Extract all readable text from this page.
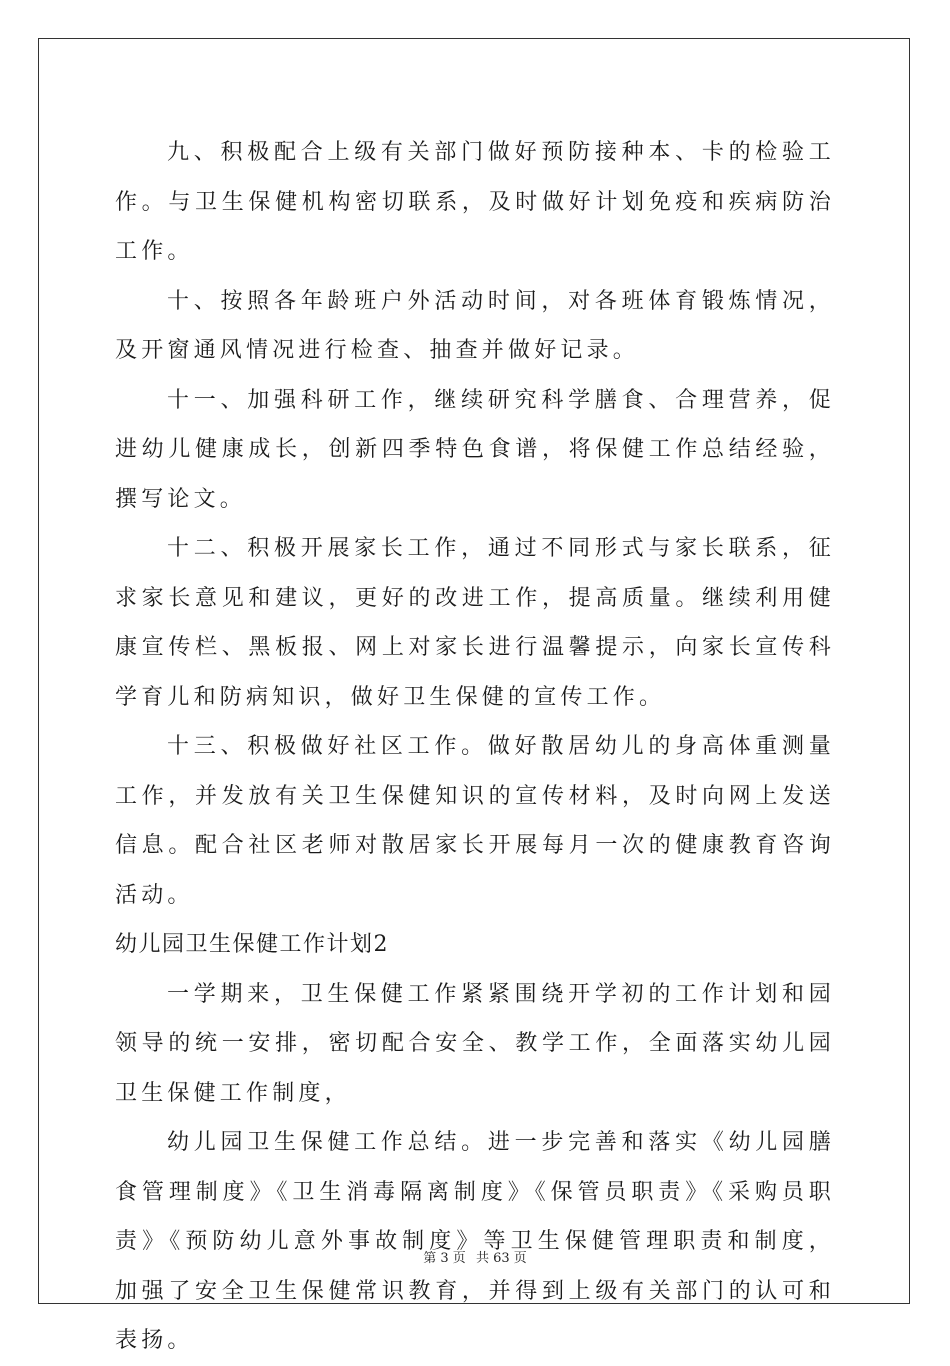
九、积极配合上级有关部门做好预防接种本、卡的检验工作。与卫生保健机构密切联系，及时做好计划免疫和疾病防治工作。

十、按照各年龄班户外活动时间，对各班体育锻炼情况，及开窗通风情况进行检查、抽查并做好记录。

十一、加强科研工作，继续研究科学膳食、合理营养，促进幼儿健康成长，创新四季特色食谱，将保健工作总结经验，撰写论文。

十二、积极开展家长工作，通过不同形式与家长联系，征求家长意见和建议，更好的改进工作，提高质量。继续利用健康宣传栏、黑板报、网上对家长进行温馨提示，向家长宣传科学育儿和防病知识，做好卫生保健的宣传工作。

十三、积极做好社区工作。做好散居幼儿的身高体重测量工作，并发放有关卫生保健知识的宣传材料，及时向网上发送信息。配合社区老师对散居家长开展每月一次的健康教育咨询活动。

幼儿园卫生保健工作计划2

一学期来，卫生保健工作紧紧围绕开学初的工作计划和园领导的统一安排，密切配合安全、教学工作，全面落实幼儿园卫生保健工作制度，

幼儿园卫生保健工作总结。进一步完善和落实《幼儿园膳食管理制度》《卫生消毒隔离制度》《保管员职责》《采购员职责》《预防幼儿意外事故制度》等卫生保健管理职责和制度，加强了安全卫生保健常识教育，并得到上级有关部门的认可和表扬。

第 3 页 共 63 页
